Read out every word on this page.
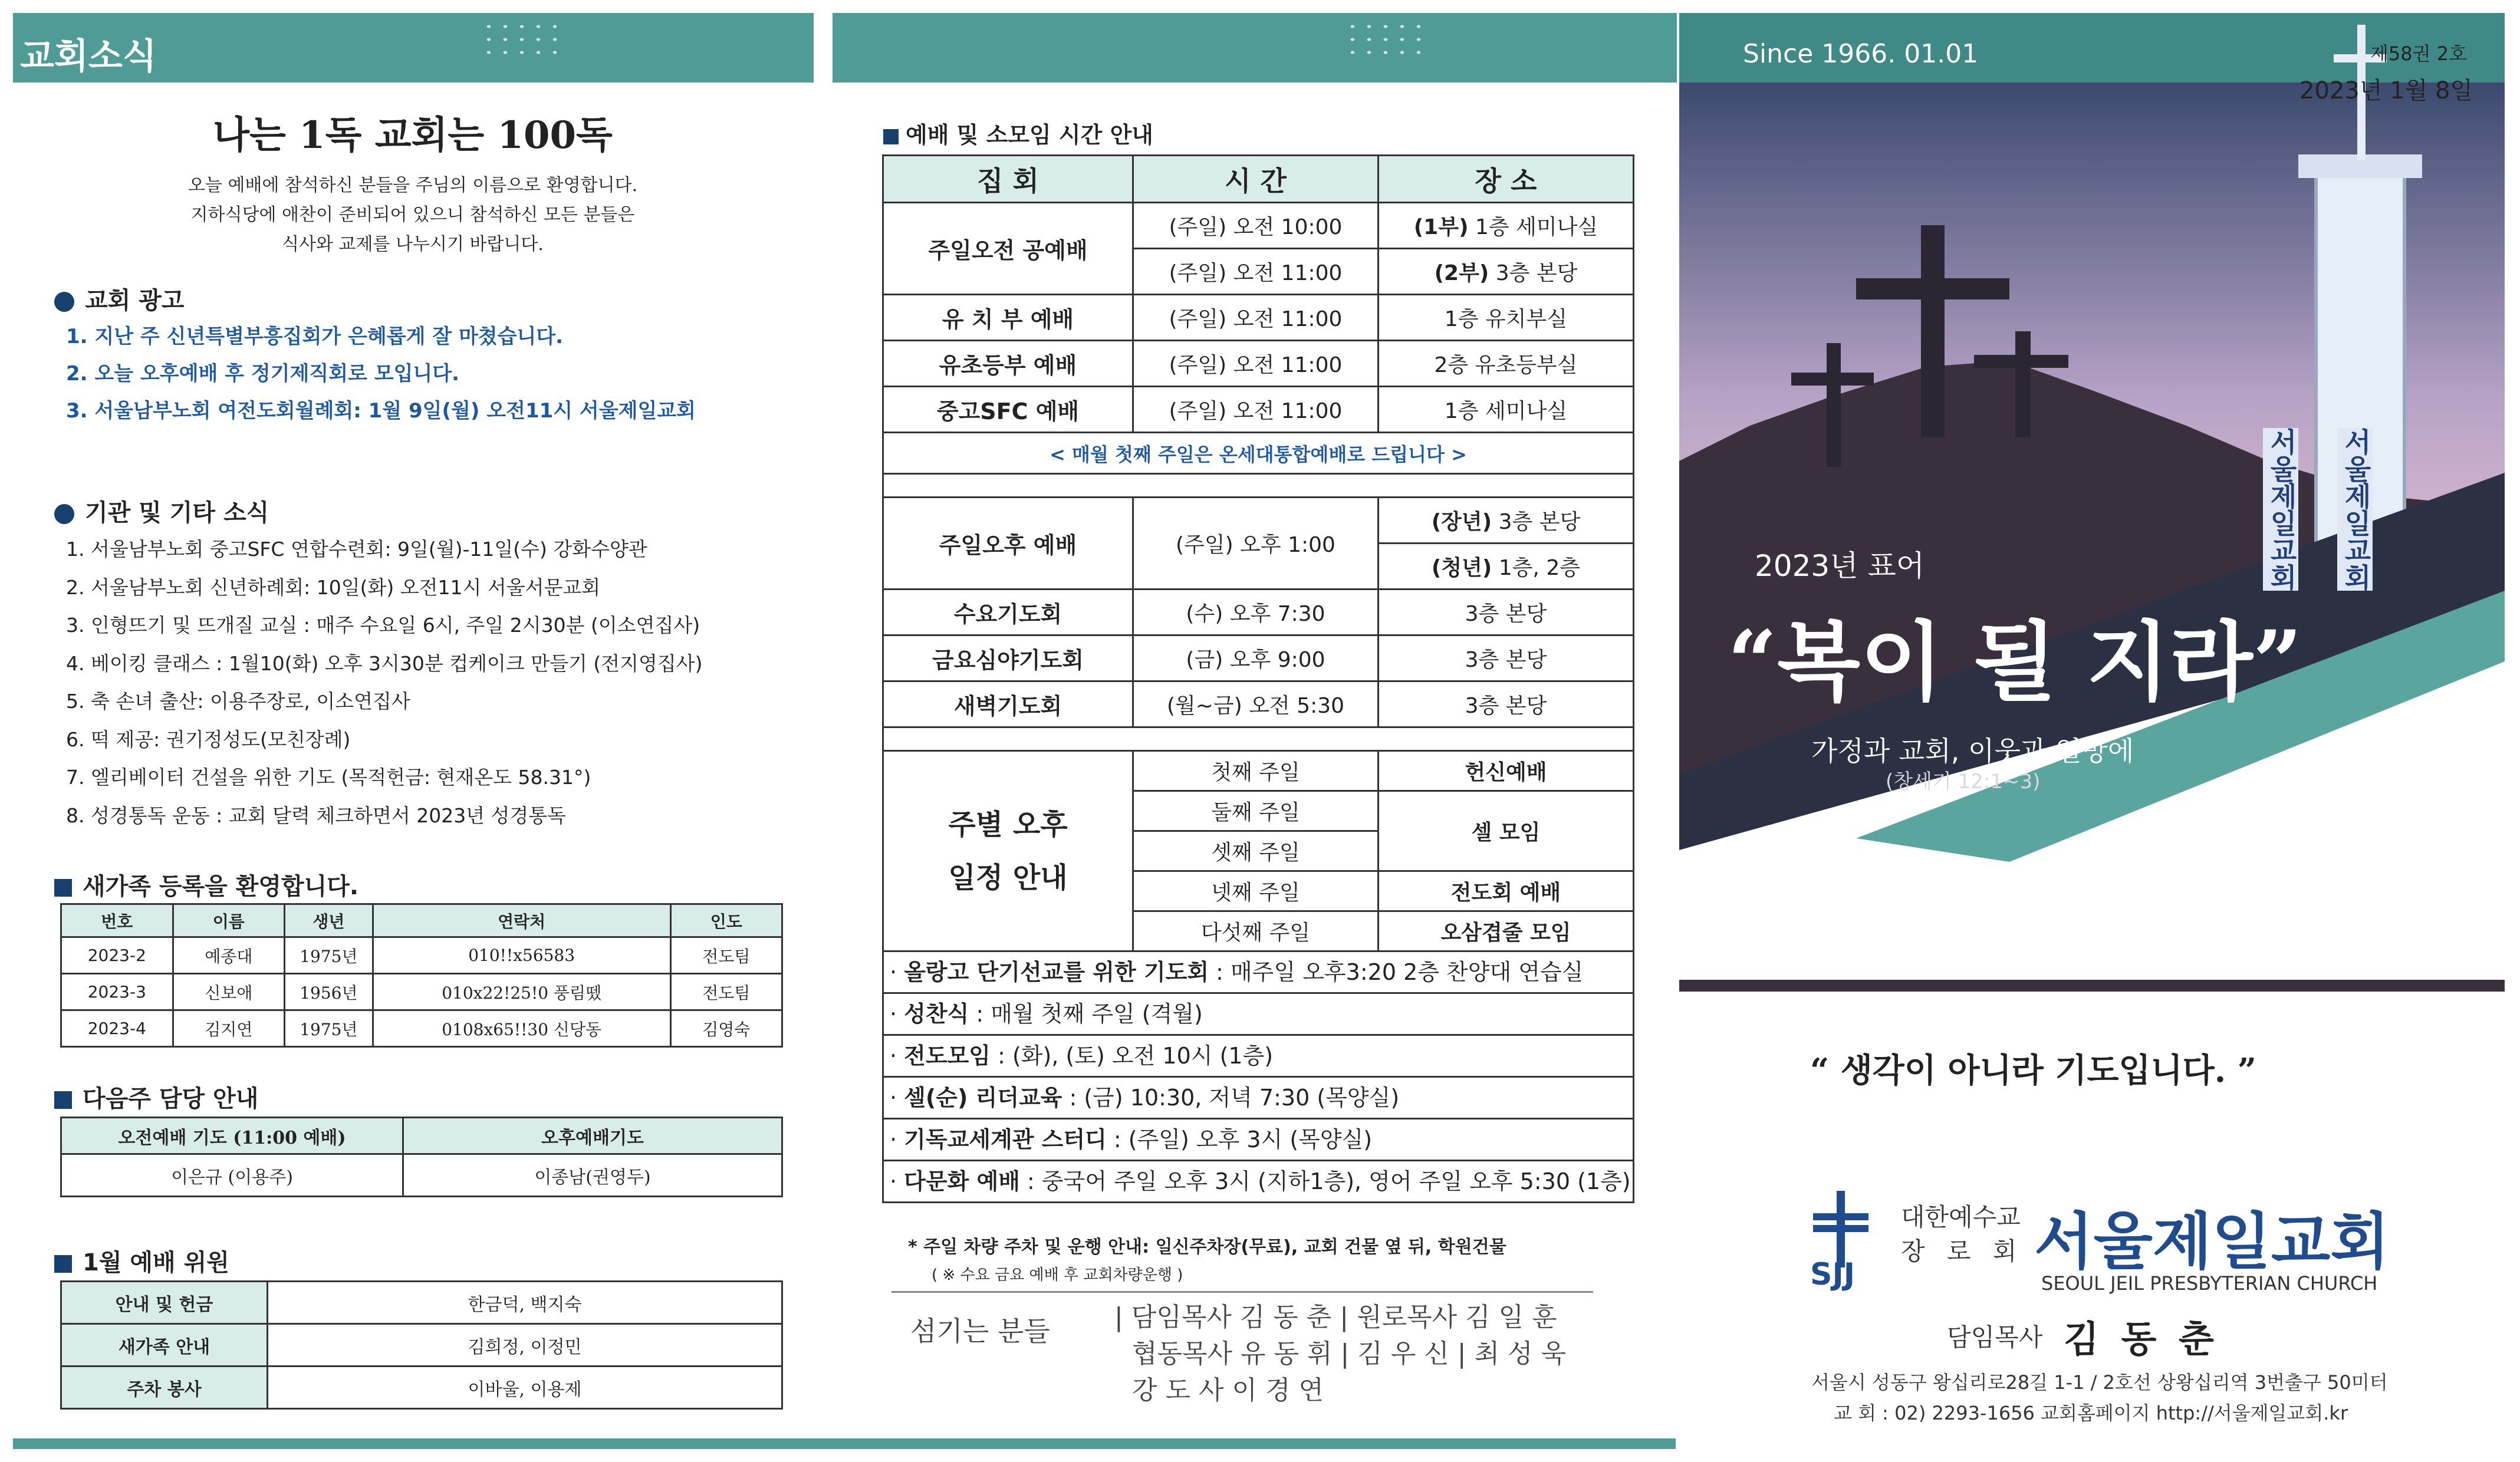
교회소식
나는 1독 교회는 100독
오늘 예배에 참석하신 분들을 주님의 이름으로 환영합니다.
지하식당에 애찬이 준비되어 있으니 참석하신 모든 분들은
식사와 교제를 나누시기 바랍니다.
교회 광고
1. 지난 주 신년특별부흥집회가 은혜롭게 잘 마쳤습니다.
2. 오늘 오후예배 후 정기제직회로 모입니다.
3. 서울남부노회 여전도회월례회: 1월 9일(월) 오전11시 서울제일교회
기관 및 기타 소식
1. 서울남부노회 중고SFC 연합수련회: 9일(월)-11일(수) 강화수양관
2. 서울남부노회 신년하례회: 10일(화) 오전11시 서울서문교회
3. 인형뜨기 및 뜨개질 교실 : 매주 수요일 6시, 주일 2시30분 (이소연집사)
4. 베이킹 클래스 : 1월10(화) 오후 3시30분 컵케이크 만들기 (전지영집사)
5. 축 손녀 출산: 이용주장로, 이소연집사
6. 떡 제공: 권기정성도(모친장례)
7. 엘리베이터 건설을 위한 기도 (목적헌금: 현재온도 58.31°)
8. 성경통독 운동 : 교회 달력 체크하면서 2023년 성경통독
새가족 등록을 환영합니다.
번호	이름	생년	연락처	인도
2023-2	예종대	1975년	010!!x56583	전도팀
2023-3	신보애	1956년	010x22!25!0 풍림뗐	전도팀
2023-4	김지연	1975년	0108x65!!30 신당동	김영숙
다음주 담당 안내
오전예배 기도 (11:00 예배)	오후예배기도
이은규 (이용주)	이종남(권영두)
1월 예배 위원
안내 및 헌금	한금덕, 백지숙
새가족 안내	김희정, 이정민
주차 봉사	이바울, 이용제
예배 및 소모임 시간 안내
집 회	시 간	장 소
주일오전 공예배	(주일) 오전 10:00	(1부) 1층 세미나실
	(주일) 오전 11:00	(2부) 3층 본당
유 치 부 예배	(주일) 오전 11:00	1층 유치부실
유초등부 예배	(주일) 오전 11:00	2층 유초등부실
중고SFC 예배	(주일) 오전 11:00	1층 세미나실
< 매월 첫째 주일은 온세대통합예배로 드립니다 >		

주일오후 예배	(주일) 오후 1:00	(장년) 3층 본당
		(청년) 1층, 2층
수요기도회	(수) 오후 7:30	3층 본당
금요심야기도회	(금) 오후 9:00	3층 본당
새벽기도회	(월~금) 오전 5:30	3층 본당

주별 오후
일정 안내	첫째 주일	헌신예배
	둘째 주일	셀 모임
	셋째 주일	
	넷째 주일	전도회 예배
	다섯째 주일	오삼겹줄 모임
· 올랑고 단기선교를 위한 기도회 : 매주일 오후3:20 2층 찬양대 연습실		
· 성찬식 : 매월 첫째 주일 (격월)		
· 전도모임 : (화), (토) 오전 10시 (1층)		
· 셀(순) 리더교육 : (금) 10:30, 저녁 7:30 (목양실)		
· 기독교세계관 스터디 : (주일) 오후 3시 (목양실)		
· 다문화 예배 : 중국어 주일 오후 3시 (지하1층), 영어 주일 오후 5:30 (1층)		
* 주일 차량 주차 및 운행 안내: 일신주차장(무료), 교회 건물 옆 뒤, 학원건물
( ※ 수요 금요 예배 후 교회차량운행 )
섬기는 분들 | 담임목사 김 동 춘 | 원로목사 김 일 훈
협동목사 유 동 휘 | 김 우 신 | 최 성 욱
강 도 사 이 경 연
서울제일교회 서울제일교회
Since 1966. 01.01	제58권 2호
2023년 1월 8일
2023년 표어
“복이 될 지라”
가정과 교회, 이웃과 열방에
(창세기 12:1~3)
“ 생각이 아니라 기도입니다. ”
SJJ
대한예수교
장 로 회 서울제일교회
SEOUL JEIL PRESBYTERIAN CHURCH
담임목사 김 동 춘
서울시 성동구 왕십리로28길 1-1 / 2호선 상왕십리역 3번출구 50미터
교 회 : 02) 2293-1656 교회홈페이지 http://서울제일교회.kr
